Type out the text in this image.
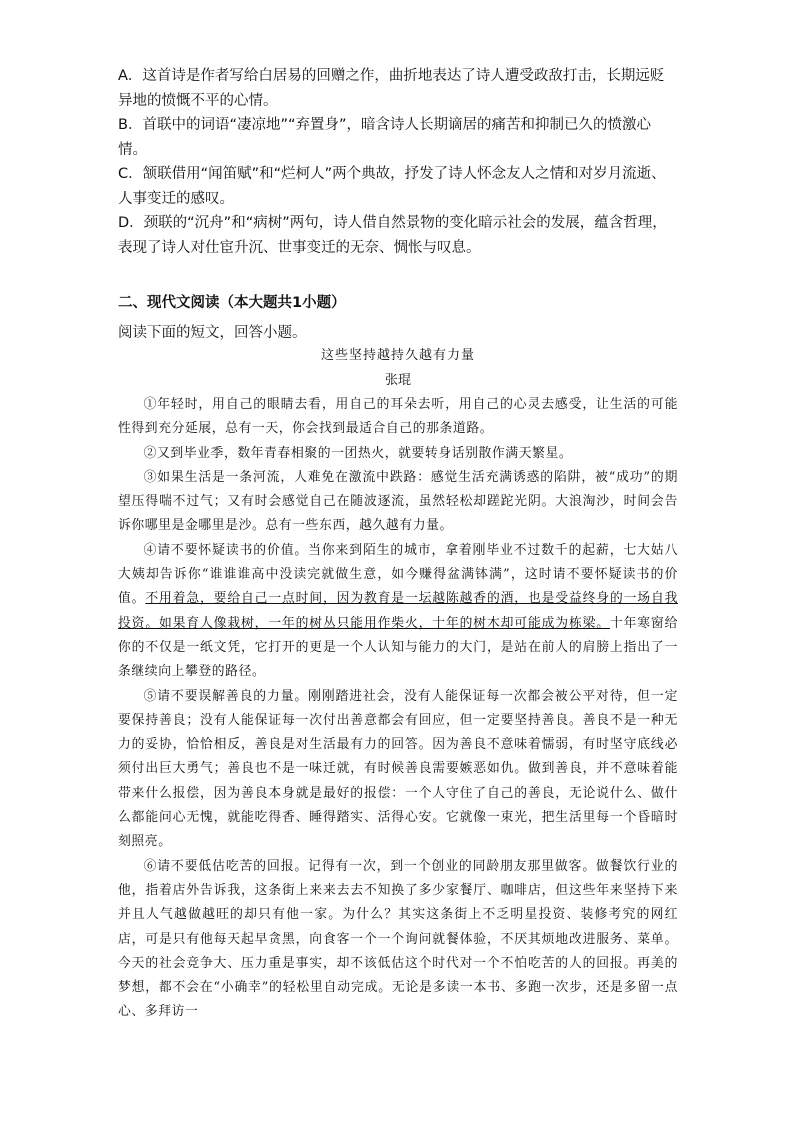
A．这首诗是作者写给白居易的回赠之作，曲折地表达了诗人遭受政敌打击，长期远贬异地的愤慨不平的心情。

B．首联中的词语“凄凉地”“弃置身”，暗含诗人长期谪居的痛苦和抑制已久的愤激心情。

C．颔联借用“闻笛赋”和“烂柯人”两个典故，抒发了诗人怀念友人之情和对岁月流逝、人事变迁的感叹。

D．颈联的“沉舟”和“病树”两句，诗人借自然景物的变化暗示社会的发展，蕴含哲理，表现了诗人对仕宦升沉、世事变迁的无奈、惆怅与叹息。

二、现代文阅读（本大题共1小题）
阅读下面的短文，回答小题。
这些坚持越持久越有力量
张琨

①年轻时，用自己的眼睛去看，用自己的耳朵去听，用自己的心灵去感受，让生活的可能性得到充分延展，总有一天，你会找到最适合自己的那条道路。

②又到毕业季，数年青春相聚的一团热火，就要转身话别散作满天繁星。

③如果生活是一条河流，人难免在激流中跌路：感觉生活充满诱惑的陷阱，被“成功”的期望压得喘不过气；又有时会感觉自己在随波逐流，虽然轻松却蹉跎光阴。大浪淘沙，时间会告诉你哪里是金哪里是沙。总有一些东西，越久越有力量。

④请不要怀疑读书的价值。当你来到陌生的城市，拿着刚毕业不过数千的起薪，七大姑八大姨却告诉你“谁谁谁高中没读完就做生意，如今赚得盆满钵满”，这时请不要怀疑读书的价值。不用着急，要给自己一点时间，因为教育是一坛越陈越香的酒，也是受益终身的一场自我投资。如果育人像栽树，一年的树丛只能用作柴火，十年的树木却可能成为栋梁。十年寒窗给你的不仅是一纸文凭，它打开的更是一个人认知与能力的大门，是站在前人的肩膀上指出了一条继续向上攀登的路径。

⑤请不要误解善良的力量。刚刚踏进社会，没有人能保证每一次都会被公平对待，但一定要保持善良；没有人能保证每一次付出善意都会有回应，但一定要坚持善良。善良不是一种无力的妥协，恰恰相反，善良是对生活最有力的回答。因为善良不意味着懦弱，有时坚守底线必须付出巨大勇气；善良也不是一味迁就，有时候善良需要嫉恶如仇。做到善良，并不意味着能带来什么报偿，因为善良本身就是最好的报偿：一个人守住了自己的善良，无论说什么、做什么都能问心无愧，就能吃得香、睡得踏实、活得心安。它就像一束光，把生活里每一个昏暗时刻照亮。

⑥请不要低估吃苦的回报。记得有一次，到一个创业的同龄朋友那里做客。做餐饮行业的他，指着店外告诉我，这条街上来来去去不知换了多少家餐厅、咖啡店，但这些年来坚持下来并且人气越做越旺的却只有他一家。为什么？其实这条街上不乏明星投资、装修考究的网红店，可是只有他每天起早贪黑，向食客一个一个询问就餐体验，不厌其烦地改进服务、菜单。今天的社会竞争大、压力重是事实，却不该低估这个时代对一个不怕吃苦的人的回报。再美的梦想，都不会在“小确幸”的轻松里自动完成。无论是多读一本书、多跑一次步，还是多留一点心、多拜访一
